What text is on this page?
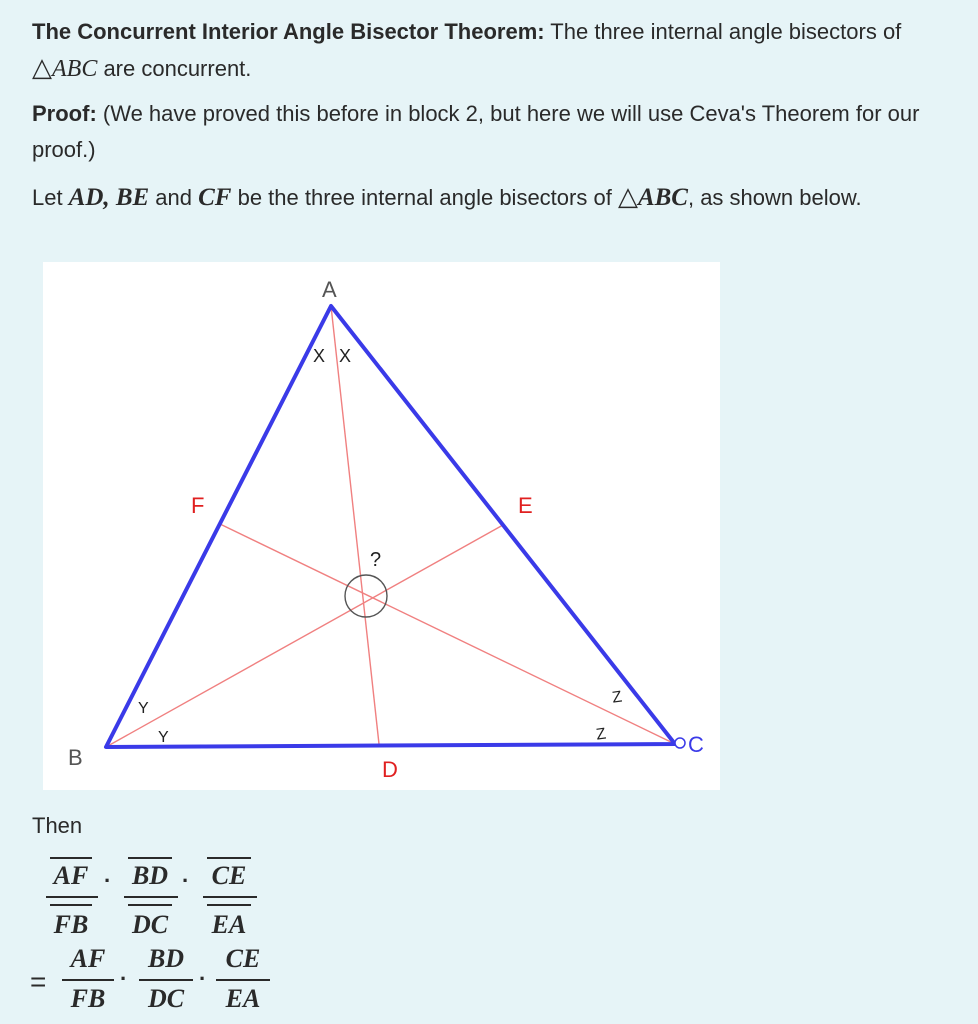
The Concurrent Interior Angle Bisector Theorem: The three internal angle bisectors of △ABC are concurrent.
Proof: (We have proved this before in block 2, but here we will use Ceva's Theorem for our proof.)
Let AD, BE and CF be the three internal angle bisectors of △ABC, as shown below.
A
B
C
D
E
F
X X
Y
Y
Z
Z
?
Then
AF
FB
· BD
DC
· CE
EA
=
AF
FB
·
BD
DC
·
CE
EA
